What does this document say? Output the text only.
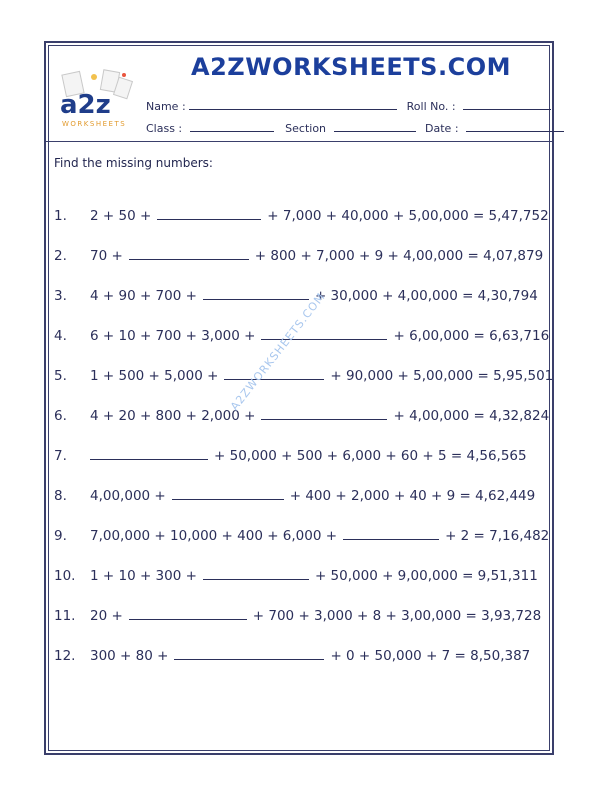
A2ZWORKSHEETS.COM
a2z
WORKSHEETS
Name :	Roll No. :
Class :	Section	Date :
Find the missing numbers:
1. 2 + 50 +	+ 7,000 + 40,000 + 5,00,000 = 5,47,752
2. 70 +	+ 800 + 7,000 + 9 + 4,00,000 = 4,07,879
3. 4 + 90 + 700 +	+ 30,000 + 4,00,000 = 4,30,794
4. 6 + 10 + 700 + 3,000 +	+ 6,00,000 = 6,63,716
5. 1 + 500 + 5,000 +	+ 90,000 + 5,00,000 = 5,95,501
6. 4 + 20 + 800 + 2,000 +	+ 4,00,000 = 4,32,824
7.	+ 50,000 + 500 + 6,000 + 60 + 5 = 4,56,565
8. 4,00,000 +	+ 400 + 2,000 + 40 + 9 = 4,62,449
9. 7,00,000 + 10,000 + 400 + 6,000 +	+ 2 = 7,16,482
10. 1 + 10 + 300 +	+ 50,000 + 9,00,000 = 9,51,311
11. 20 +	+ 700 + 3,000 + 8 + 3,00,000 = 3,93,728
12. 300 + 80 +	+ 0 + 50,000 + 7 = 8,50,387
A2ZWORKSHEETS.COM
